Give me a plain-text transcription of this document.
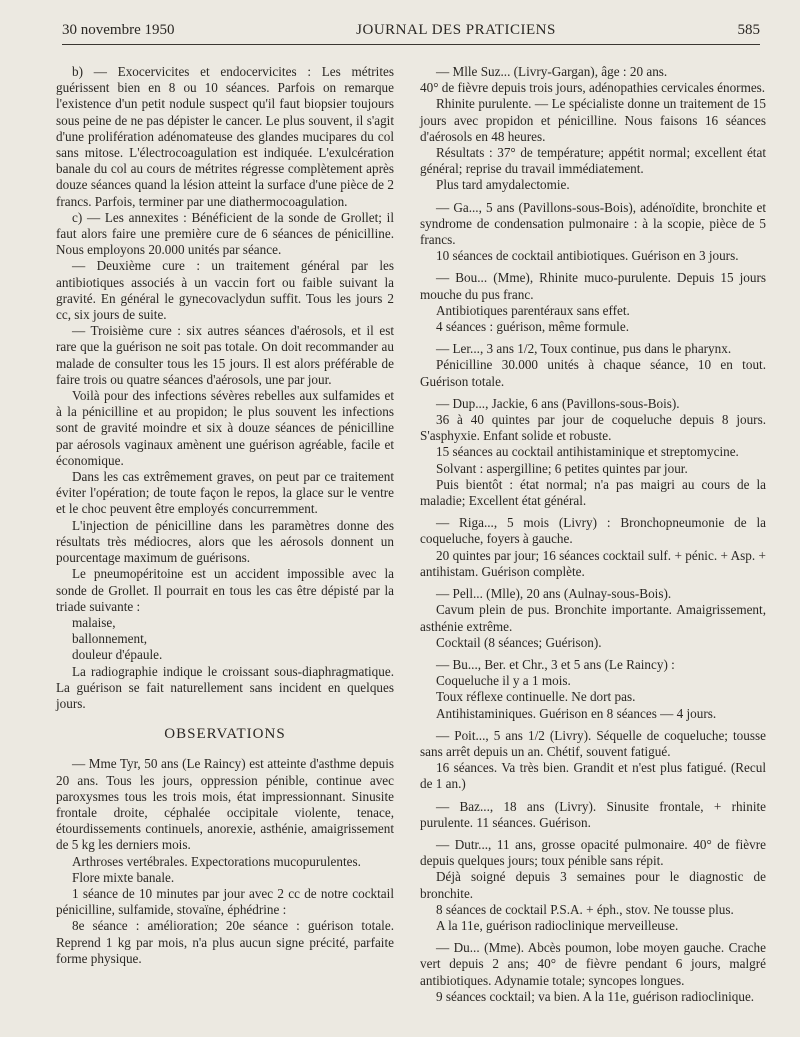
30 novembre 1950	JOURNAL DES PRATICIENS	585

b) — Exocervicites et endocervicites : Les métrites guérissent bien en 8 ou 10 séances. Parfois on remarque l'existence d'un petit nodule suspect qu'il faut biopsier toujours sous peine de ne pas dépister le cancer. Le plus souvent, il s'agit d'une prolifération adénomateuse des glandes mucipares du col sans mitose. L'électrocoagulation est indiquée. L'exulcération banale du col au cours de métrites régresse complètement après douze séances quand la lésion atteint la surface d'une pièce de 2 francs. Parfois, terminer par une diathermocoagulation.

c) — Les annexites : Bénéficient de la sonde de Grollet; il faut alors faire une première cure de 6 séances de pénicilline. Nous employons 20.000 unités par séance.

— Deuxième cure : un traitement général par les antibiotiques associés à un vaccin fort ou faible suivant la gravité. En général le gynecovaclydun suffit. Tous les jours 2 cc, six jours de suite.

— Troisième cure : six autres séances d'aérosols, et il est rare que la guérison ne soit pas totale. On doit recommander au malade de consulter tous les 15 jours. Il est alors préférable de faire trois ou quatre séances d'aérosols, une par jour.

Voilà pour des infections sévères rebelles aux sulfamides et à la pénicilline et au propidon; le plus souvent les infections sont de gravité moindre et six à douze séances de pénicilline par aérosols vaginaux amènent une guérison agréable, facile et économique.

Dans les cas extrêmement graves, on peut par ce traitement éviter l'opération; de toute façon le repos, la glace sur le ventre et le choc peuvent être employés concurremment.

L'injection de pénicilline dans les paramètres donne des résultats très médiocres, alors que les aérosols donnent un pourcentage maximum de guérisons.

Le pneumopéritoine est un accident impossible avec la sonde de Grollet. Il pourrait en tous les cas être dépisté par la triade suivante :

malaise,
ballonnement,
douleur d'épaule.

La radiographie indique le croissant sous-diaphragmatique. La guérison se fait naturellement sans incident en quelques jours.

OBSERVATIONS

— Mme Tyr, 50 ans (Le Raincy) est atteinte d'asthme depuis 20 ans. Tous les jours, oppression pénible, continue avec paroxysmes tous les trois mois, état impressionnant. Sinusite frontale droite, céphalée occipitale violente, tenace, étourdissements continuels, anorexie, asthénie, amaigrissement de 5 kg les derniers mois.

Arthroses vertébrales. Expectorations mucopurulentes.

Flore mixte banale.

1 séance de 10 minutes par jour avec 2 cc de notre cocktail pénicilline, sulfamide, stovaïne, éphédrine :

8e séance : amélioration; 20e séance : guérison totale. Reprend 1 kg par mois, n'a plus aucun signe précité, parfaite forme physique.

— Mlle Suz... (Livry-Gargan), âge : 20 ans.

40° de fièvre depuis trois jours, adénopathies cervicales énormes.

Rhinite purulente. — Le spécialiste donne un traitement de 15 jours avec propidon et pénicilline. Nous faisons 16 séances d'aérosols en 48 heures.

Résultats : 37° de température; appétit normal; excellent état général; reprise du travail immédiatement.

Plus tard amydalectomie.

— Ga..., 5 ans (Pavillons-sous-Bois), adénoïdite, bronchite et syndrome de condensation pulmonaire : à la scopie, pièce de 5 francs.

10 séances de cocktail antibiotiques. Guérison en 3 jours.

— Bou... (Mme), Rhinite muco-purulente. Depuis 15 jours mouche du pus franc.

Antibiotiques parentéraux sans effet.

4 séances : guérison, même formule.

— Ler..., 3 ans 1/2, Toux continue, pus dans le pharynx.

Pénicilline 30.000 unités à chaque séance, 10 en tout. Guérison totale.

— Dup..., Jackie, 6 ans (Pavillons-sous-Bois).

36 à 40 quintes par jour de coqueluche depuis 8 jours. S'asphyxie. Enfant solide et robuste.

15 séances au cocktail antihistaminique et streptomycine.

Solvant : aspergilline; 6 petites quintes par jour.

Puis bientôt : état normal; n'a pas maigri au cours de la maladie; Excellent état général.

— Riga..., 5 mois (Livry) : Bronchopneumonie de la coqueluche, foyers à gauche.

20 quintes par jour; 16 séances cocktail sulf. + pénic. + Asp. + antihistam. Guérison complète.

— Pell... (Mlle), 20 ans (Aulnay-sous-Bois).

Cavum plein de pus. Bronchite importante. Amaigrissement, asthénie extrême.

Cocktail (8 séances; Guérison).

— Bu..., Ber. et Chr., 3 et 5 ans (Le Raincy) :

Coqueluche il y a 1 mois.

Toux réflexe continuelle. Ne dort pas.

Antihistaminiques. Guérison en 8 séances — 4 jours.

— Poit..., 5 ans 1/2 (Livry). Séquelle de coqueluche; tousse sans arrêt depuis un an. Chétif, souvent fatigué.

16 séances. Va très bien. Grandit et n'est plus fatigué. (Recul de 1 an.)

— Baz..., 18 ans (Livry). Sinusite frontale, + rhinite purulente. 11 séances. Guérison.

— Dutr..., 11 ans, grosse opacité pulmonaire. 40° de fièvre depuis quelques jours; toux pénible sans répit.

Déjà soigné depuis 3 semaines pour le diagnostic de bronchite.

8 séances de cocktail P.S.A. + éph., stov. Ne tousse plus.

A la 11e, guérison radioclinique merveilleuse.

— Du... (Mme). Abcès poumon, lobe moyen gauche. Crache vert depuis 2 ans; 40° de fièvre pendant 6 jours, malgré antibiotiques. Adynamie totale; syncopes longues.

9 séances cocktail; va bien. A la 11e, guérison radioclinique.
